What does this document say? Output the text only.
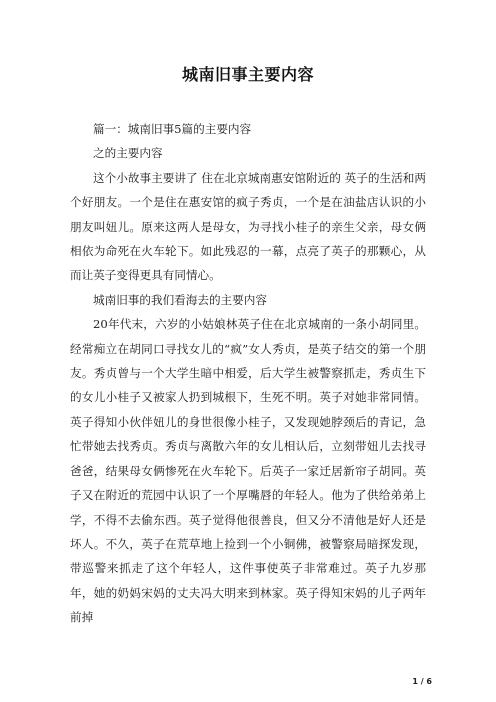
城南旧事主要内容

篇一：城南旧事5篇的主要内容

之的主要内容

这个小故事主要讲了 住在北京城南惠安馆附近的 英子的生活和两个好朋友。一个是住在惠安馆的疯子秀贞，一个是在油盐店认识的小朋友叫妞儿。原来这两人是母女，为寻找小桂子的亲生父亲，母女俩相依为命死在火车轮下。如此残忍的一幕，点亮了英子的那颗心，从而让英子变得更具有同情心。

城南旧事的我们看海去的主要内容

20年代末，六岁的小姑娘林英子住在北京城南的一条小胡同里。经常痴立在胡同口寻找女儿的“疯”女人秀贞，是英子结交的第一个朋友。秀贞曾与一个大学生暗中相爱，后大学生被警察抓走，秀贞生下的女儿小桂子又被家人扔到城根下，生死不明。英子对她非常同情。英子得知小伙伴妞儿的身世很像小桂子，又发现她脖颈后的青记，急忙带她去找秀贞。秀贞与离散六年的女儿相认后，立刻带妞儿去找寻爸爸，结果母女俩惨死在火车轮下。后英子一家迁居新帘子胡同。英子又在附近的荒园中认识了一个厚嘴唇的年轻人。他为了供给弟弟上学，不得不去偷东西。英子觉得他很善良，但又分不清他是好人还是坏人。不久，英子在荒草地上捡到一个小铜佛，被警察局暗探发现，带巡警来抓走了这个年轻人，这件事使英子非常难过。英子九岁那年，她的奶妈宋妈的丈夫冯大明来到林家。英子得知宋妈的儿子两年前掉

1 / 6
